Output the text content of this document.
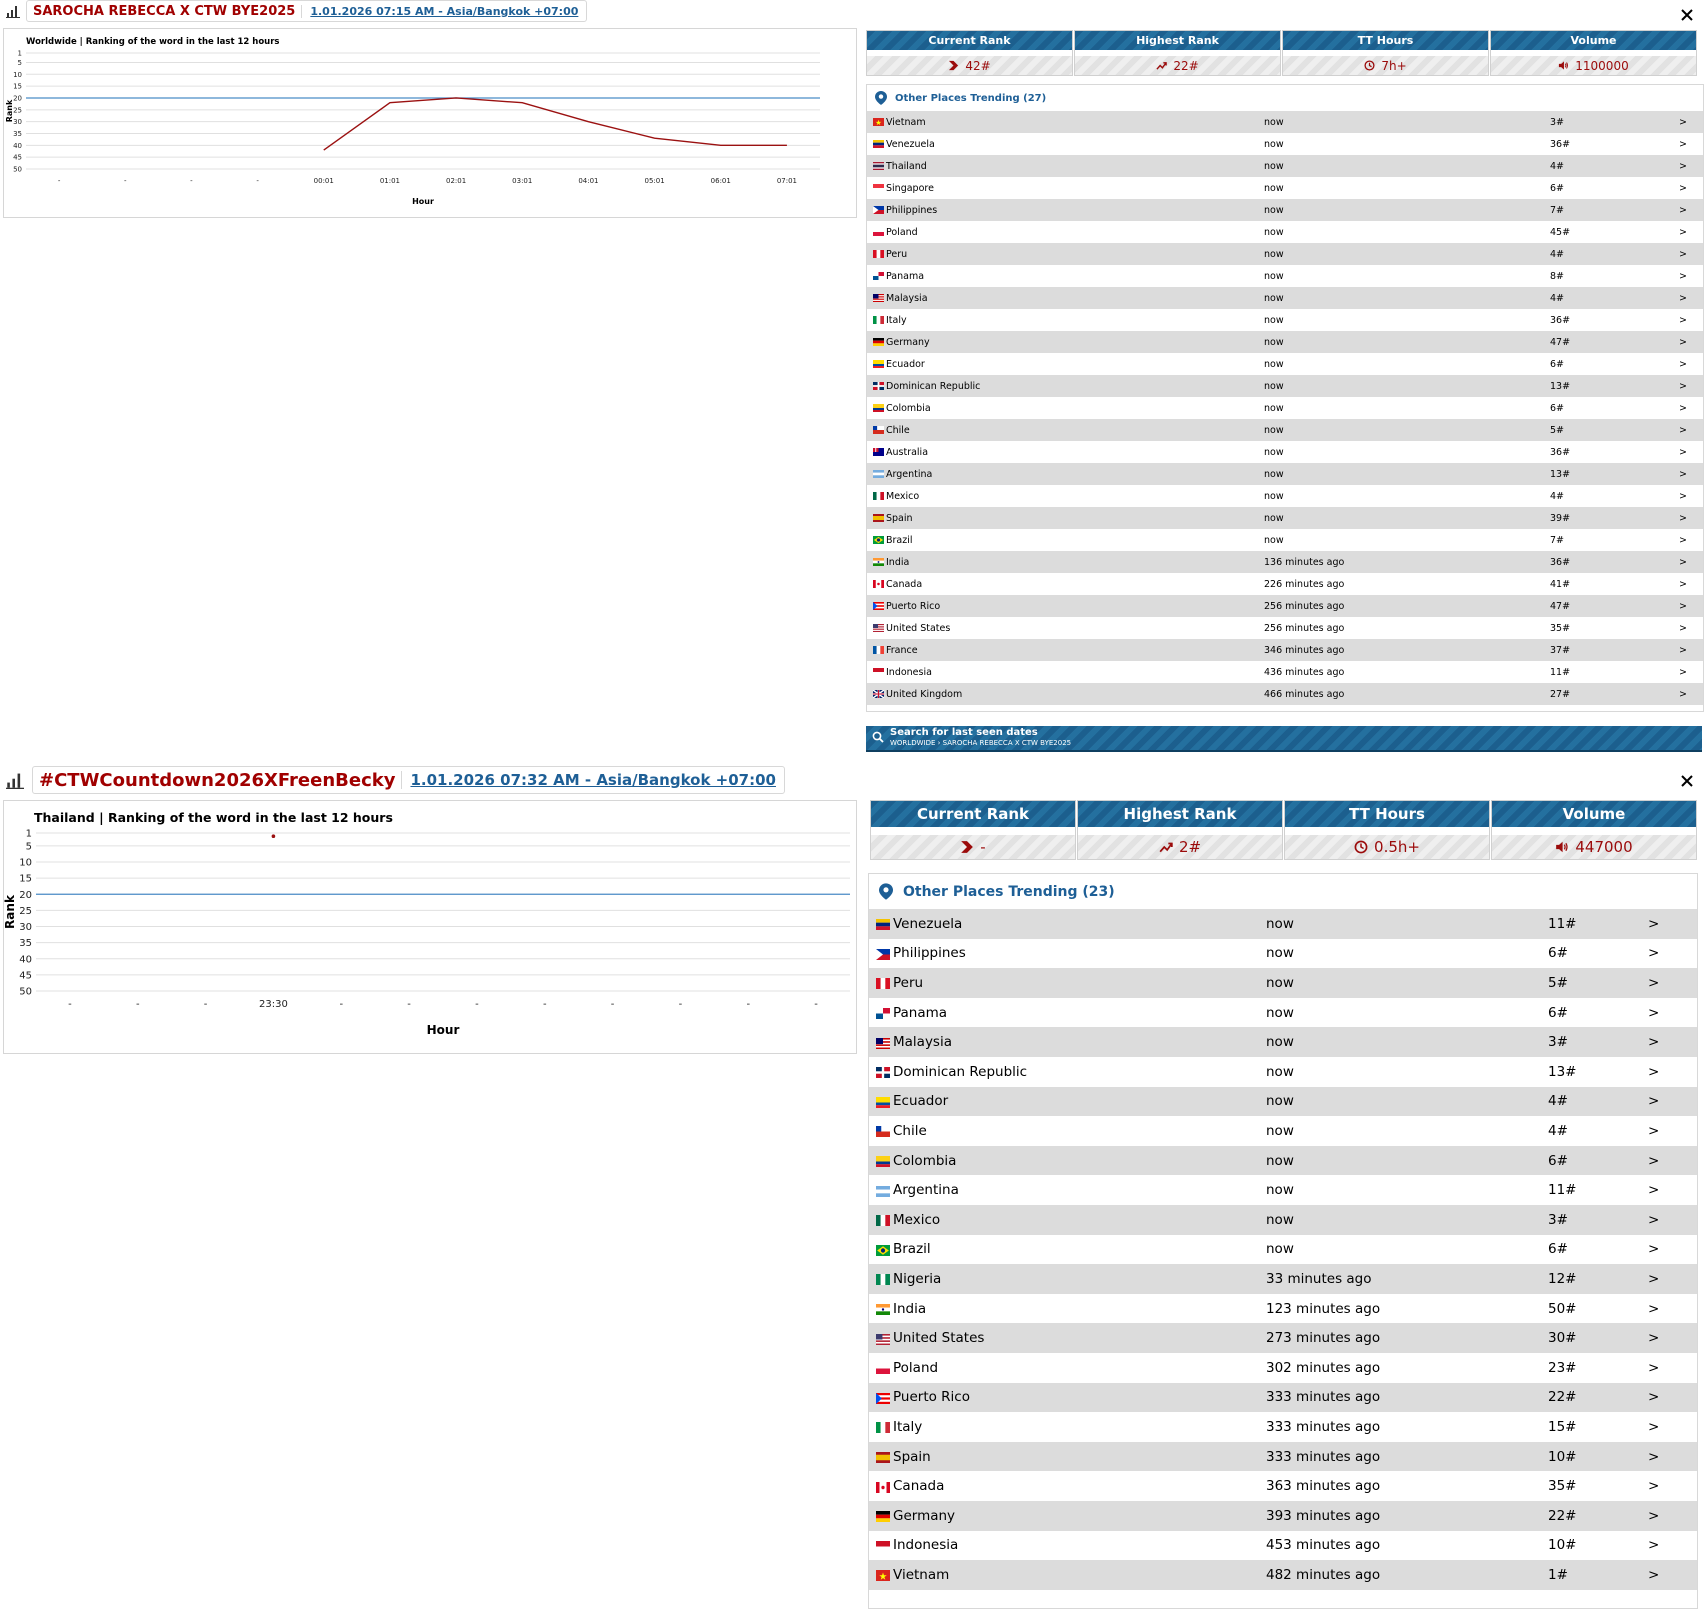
SAROCHA REBECCA X CTW BYE2025	1.01.2026 07:15 AM - Asia/Bangkok +07:00
Worldwide | Ranking of the word in the last 12 hours
1
5
10
15
20
25
30
35
40
45
50
Rank
-	-	-	-	00:01	01:01	02:01	03:01	04:01	05:01	06:01	07:01
Hour
Current Rank
42#
Highest Rank
22#
TT Hours
7h+
Volume
1100000
Other Places Trending (27)
Vietnam	now	3#	>
Venezuela	now	36#	>
Thailand	now	4#	>
Singapore	now	6#	>
Philippines	now	7#	>
Poland	now	45#	>
Peru	now	4#	>
Panama	now	8#	>
Malaysia	now	4#	>
Italy	now	36#	>
Germany	now	47#	>
Ecuador	now	6#	>
Dominican Republic	now	13#	>
Colombia	now	6#	>
Chile	now	5#	>
Australia	now	36#	>
Argentina	now	13#	>
Mexico	now	4#	>
Spain	now	39#	>
Brazil	now	7#	>
India	136 minutes ago	36#	>
Canada	226 minutes ago	41#	>
Puerto Rico	256 minutes ago	47#	>
United States	256 minutes ago	35#	>
France	346 minutes ago	37#	>
Indonesia	436 minutes ago	11#	>
United Kingdom	466 minutes ago	27#	>
Search for last seen dates
WORLDWIDE › SAROCHA REBECCA X CTW BYE2025
#CTWCountdown2026XFreenBecky	1.01.2026 07:32 AM - Asia/Bangkok +07:00
Thailand | Ranking of the word in the last 12 hours
1
5
10
15
20
25
30
35
40
45
50
Rank
-	-	-	23:30	-	-	-	-	-	-	-	-
Hour
Current Rank
-
Highest Rank
2#
TT Hours
0.5h+
Volume
447000
Other Places Trending (23)
Venezuela	now	11#	>
Philippines	now	6#	>
Peru	now	5#	>
Panama	now	6#	>
Malaysia	now	3#	>
Dominican Republic	now	13#	>
Ecuador	now	4#	>
Chile	now	4#	>
Colombia	now	6#	>
Argentina	now	11#	>
Mexico	now	3#	>
Brazil	now	6#	>
Nigeria	33 minutes ago	12#	>
India	123 minutes ago	50#	>
United States	273 minutes ago	30#	>
Poland	302 minutes ago	23#	>
Puerto Rico	333 minutes ago	22#	>
Italy	333 minutes ago	15#	>
Spain	333 minutes ago	10#	>
Canada	363 minutes ago	35#	>
Germany	393 minutes ago	22#	>
Indonesia	453 minutes ago	10#	>
Vietnam	482 minutes ago	1#	>
